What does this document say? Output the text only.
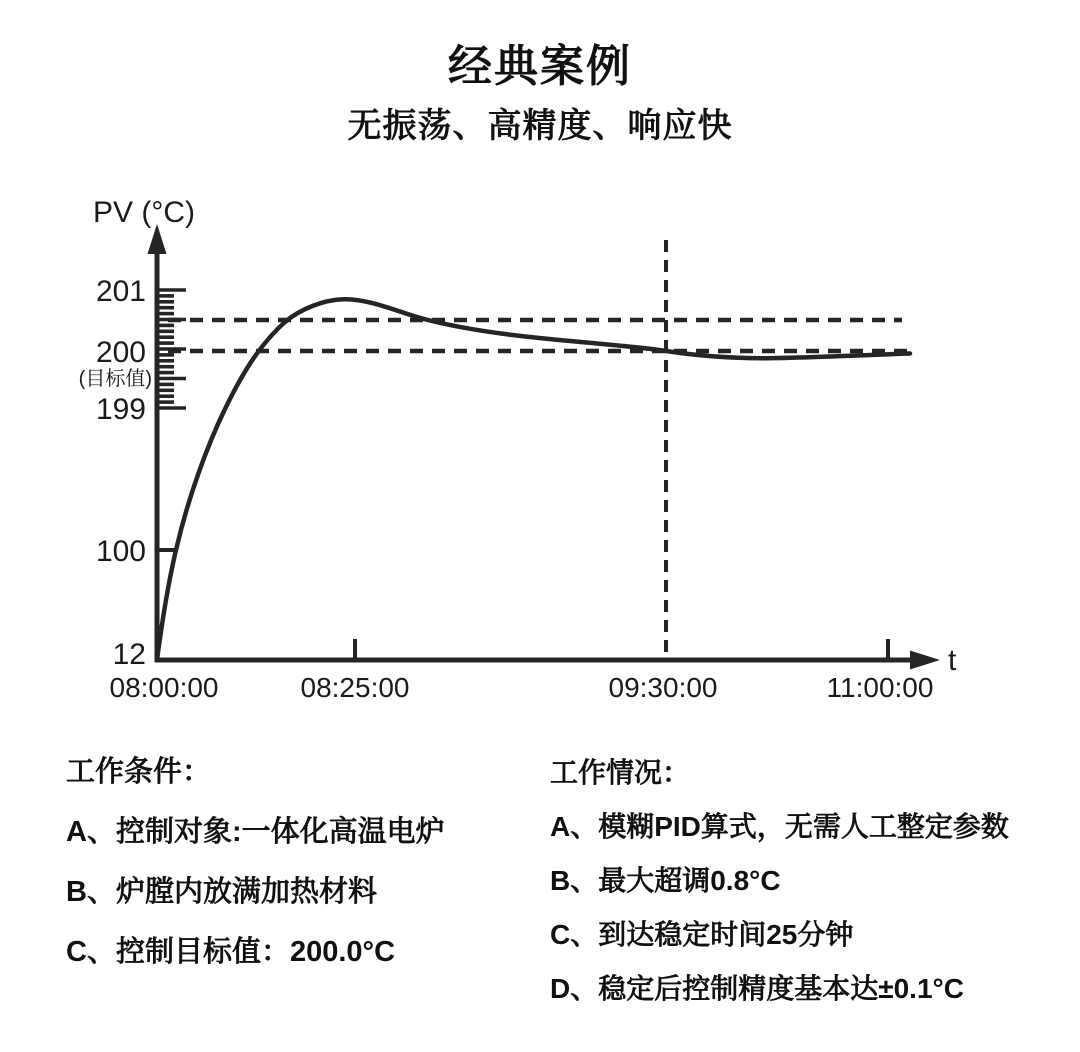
经典案例
无振荡、高精度、响应快
PV (°C)
t
201
200
(目标值)
199
100
12
08:00:00	08:25:00	09:30:00	11:00:00

工作条件：

A、控制对象:一体化高温电炉

B、炉膛内放满加热材料

C、控制目标值：200.0°C

工作情况：

A、模糊PID算式，无需人工整定参数

B、最大超调0.8°C

C、到达稳定时间25分钟

D、稳定后控制精度基本达±0.1°C
